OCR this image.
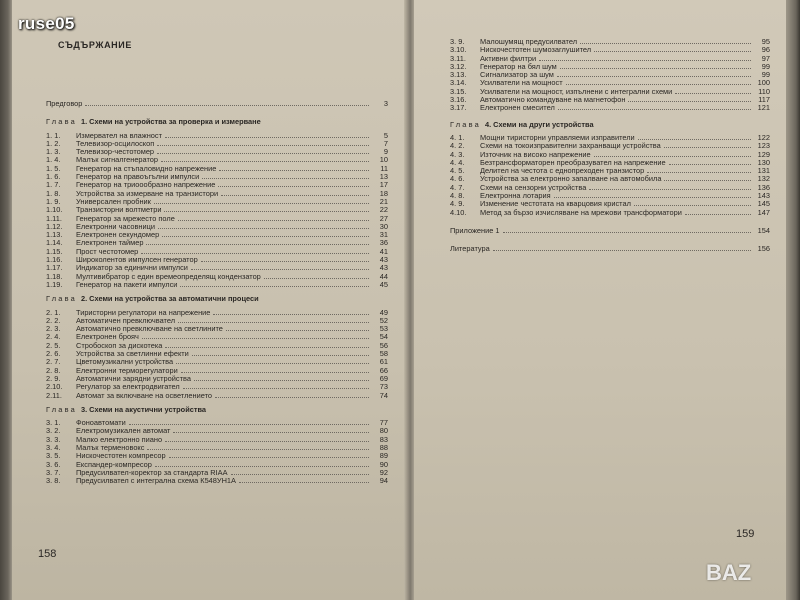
СЪДЪРЖАНИЕ
Предговор	3
Глава 1. Схеми на устройства за проверка и измерване
1. 1.	Измервател на влажност	5
1. 2.	Телевизор-осцилоскоп	7
1. 3.	Телевизор-честотомер	9
1. 4.	Малък сигналгенератор	10
1. 5.	Генератор на стъпаловидно напрежение	11
1. 6.	Генератор на правоъгълни импулси	13
1. 7.	Генератор на триоообразно напрежение	17
1. 8.	Устройства за измерване на транзистори	18
1. 9.	Универсален пробник	21
1.10.	Транзисторни волтметри	22
1.11.	Генератор за мрежесто поле	27
1.12.	Електронни часовници	30
1.13.	Електронен секундомер	31
1.14.	Електронен таймер	36
1.15.	Прост честотомер	41
1.16.	Широколентов импулсен генератор	43
1.17.	Индикатор за единични импулси	43
1.18.	Мултивибратор с един времеопределящ кондензатор	44
1.19.	Генератор на пакети импулси	45
Глава 2. Схеми на устройства за автоматични процеси
2. 1.	Тиристорни регулатори на напрежение	49
2. 2.	Автоматичен превключвател	52
2. 3.	Автоматично превключване на светлините	53
2. 4.	Електронен брояч	54
2. 5.	Стробоскоп за дискотека	56
2. 6.	Устройства за светлинни ефекти	58
2. 7.	Цветомузикални устройства	61
2. 8.	Електронни терморегулатори	66
2. 9.	Автоматични зарядни устройства	69
2.10.	Регулатор за електродвигател	73
2.11.	Автомат за включване на осветлението	74
Глава 3. Схеми на акустични устройства
3. 1.	Фоноавтомати	77
3. 2.	Електромузикален автомат	80
3. 3.	Малко електронно пиано	83
3. 4.	Малък терменовокс	88
3. 5.	Нискочестотен компресор	89
3. 6.	Експандер-компресор	90
3. 7.	Предусилвател-коректор за стандарта RIAA	92
3. 8.	Предусилвател с интегрална схема К548УН1А	94
158
3. 9.	Малошумящ предусилвател	95
3.10.	Нискочестотен шумозаглушител	96
3.11.	Активни филтри	97
3.12.	Генератор на бял шум	99
3.13.	Сигнализатор за шум	99
3.14.	Усилватели на мощност	100
3.15.	Усилватели на мощност, изпълнени с интегрални схеми	110
3.16.	Автоматично командуване на магнетофон	117
3.17.	Електронен смесител	121
Глава 4. Схеми на други устройства
4. 1.	Мощни тиристорни управляеми изправители	122
4. 2.	Схеми на токоизправителни захранващи устройства	123
4. 3.	Източник на високо напрежение	129
4. 4.	Безтрансформаторен преобразувател на напрежение	130
4. 5.	Делител на честота с еднопреходен транзистор	131
4. 6.	Устройства за електронно запалване на автомобила	132
4. 7.	Схеми на сензорни устройства	136
4. 8.	Електронна лотария	143
4. 9.	Изменение честотата на кварцовия кристал	145
4.10.	Метод за бързо изчисляване на мрежови трансформатори	147
Приложение 1	154
Литература	156
159
ruse05
BAZ
